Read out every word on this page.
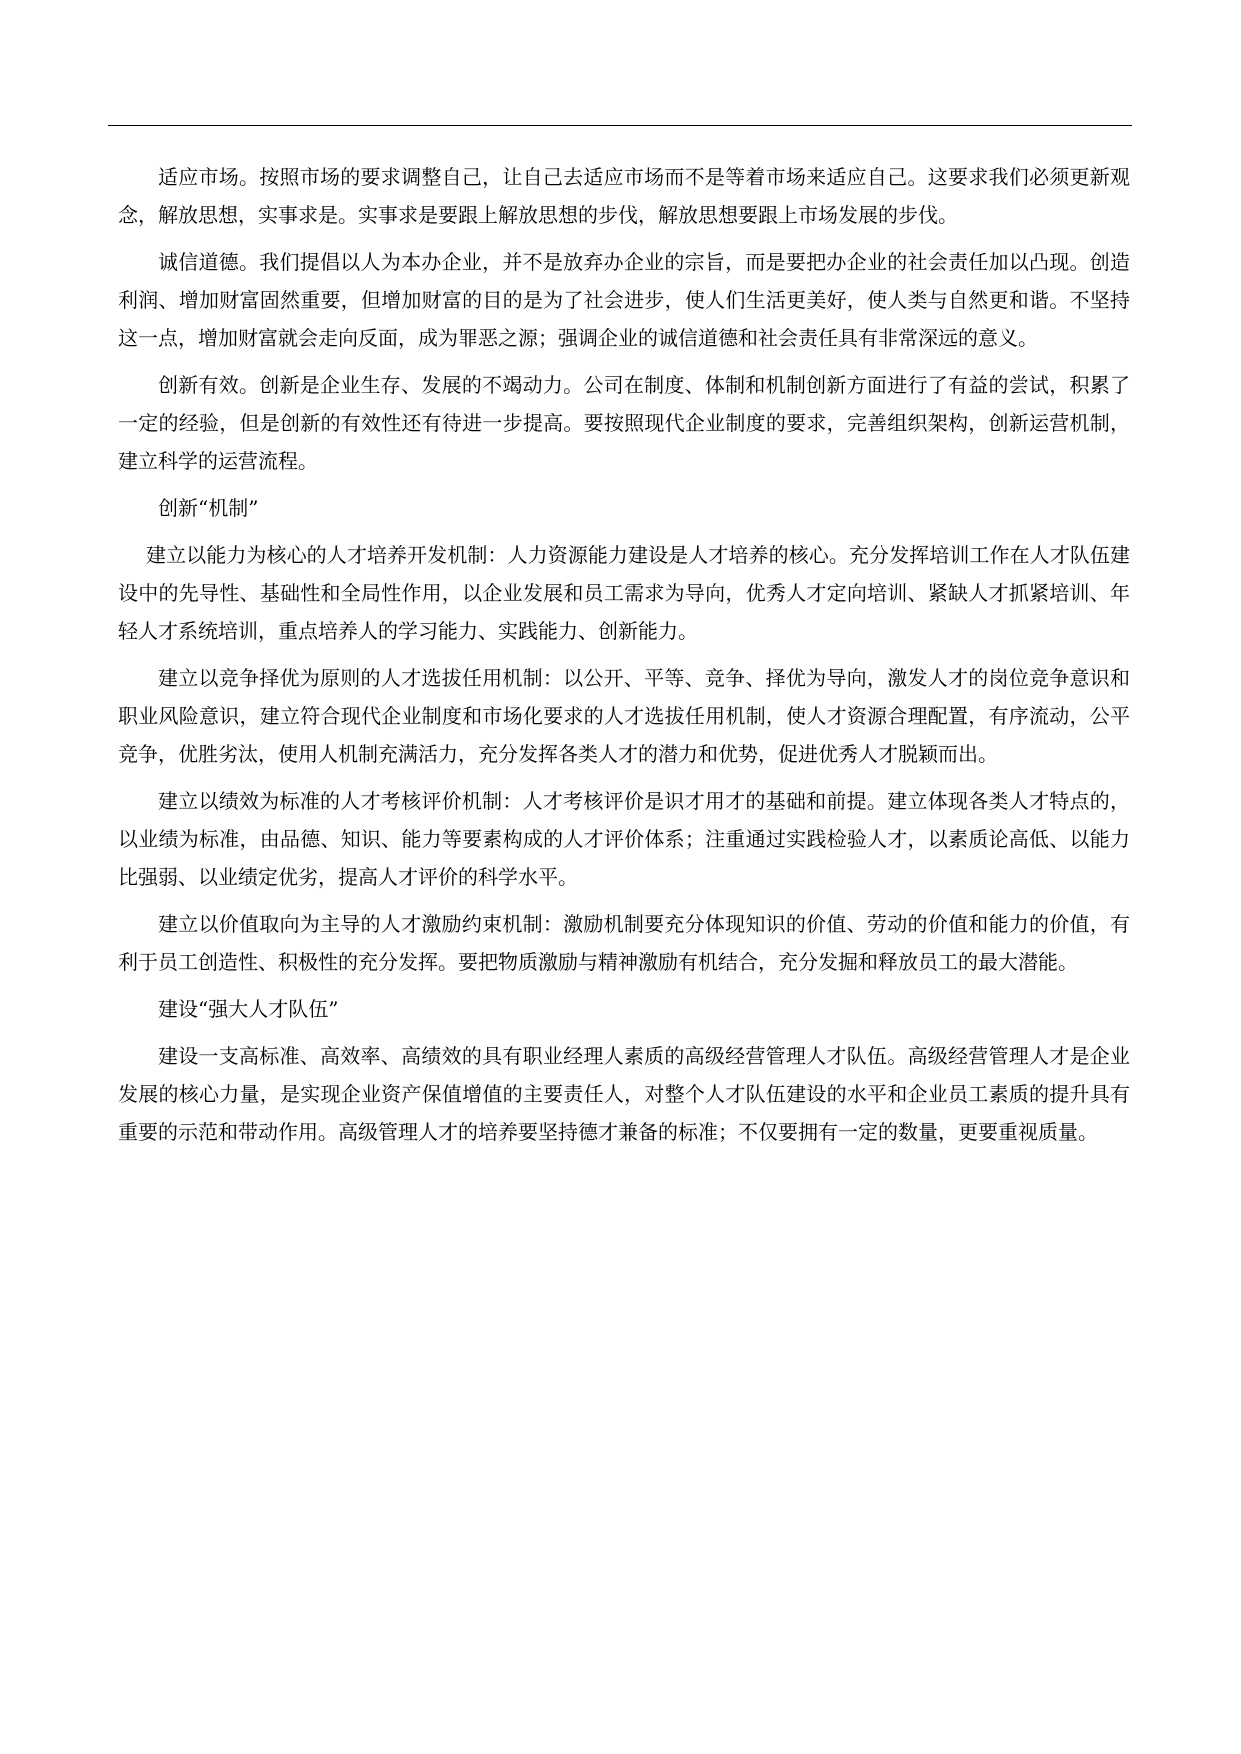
适应市场。按照市场的要求调整自己，让自己去适应市场而不是等着市场来适应自己。这要求我们必须更新观念，解放思想，实事求是。实事求是要跟上解放思想的步伐，解放思想要跟上市场发展的步伐。

诚信道德。我们提倡以人为本办企业，并不是放弃办企业的宗旨，而是要把办企业的社会责任加以凸现。创造利润、增加财富固然重要，但增加财富的目的是为了社会进步，使人们生活更美好，使人类与自然更和谐。不坚持这一点，增加财富就会走向反面，成为罪恶之源；强调企业的诚信道德和社会责任具有非常深远的意义。

创新有效。创新是企业生存、发展的不竭动力。公司在制度、体制和机制创新方面进行了有益的尝试，积累了一定的经验，但是创新的有效性还有待进一步提高。要按照现代企业制度的要求，完善组织架构，创新运营机制，建立科学的运营流程。

创新“机制”

建立以能力为核心的人才培养开发机制：人力资源能力建设是人才培养的核心。充分发挥培训工作在人才队伍建设中的先导性、基础性和全局性作用，以企业发展和员工需求为导向，优秀人才定向培训、紧缺人才抓紧培训、年轻人才系统培训，重点培养人的学习能力、实践能力、创新能力。

建立以竞争择优为原则的人才选拔任用机制：以公开、平等、竞争、择优为导向，激发人才的岗位竞争意识和职业风险意识，建立符合现代企业制度和市场化要求的人才选拔任用机制，使人才资源合理配置，有序流动，公平竞争，优胜劣汰，使用人机制充满活力，充分发挥各类人才的潜力和优势，促进优秀人才脱颖而出。

建立以绩效为标准的人才考核评价机制：人才考核评价是识才用才的基础和前提。建立体现各类人才特点的，以业绩为标准，由品德、知识、能力等要素构成的人才评价体系；注重通过实践检验人才，以素质论高低、以能力比强弱、以业绩定优劣，提高人才评价的科学水平。

建立以价值取向为主导的人才激励约束机制：激励机制要充分体现知识的价值、劳动的价值和能力的价值，有利于员工创造性、积极性的充分发挥。要把物质激励与精神激励有机结合，充分发掘和释放员工的最大潜能。

建设“强大人才队伍”

建设一支高标准、高效率、高绩效的具有职业经理人素质的高级经营管理人才队伍。高级经营管理人才是企业发展的核心力量，是实现企业资产保值增值的主要责任人，对整个人才队伍建设的水平和企业员工素质的提升具有重要的示范和带动作用。高级管理人才的培养要坚持德才兼备的标准；不仅要拥有一定的数量，更要重视质量。
